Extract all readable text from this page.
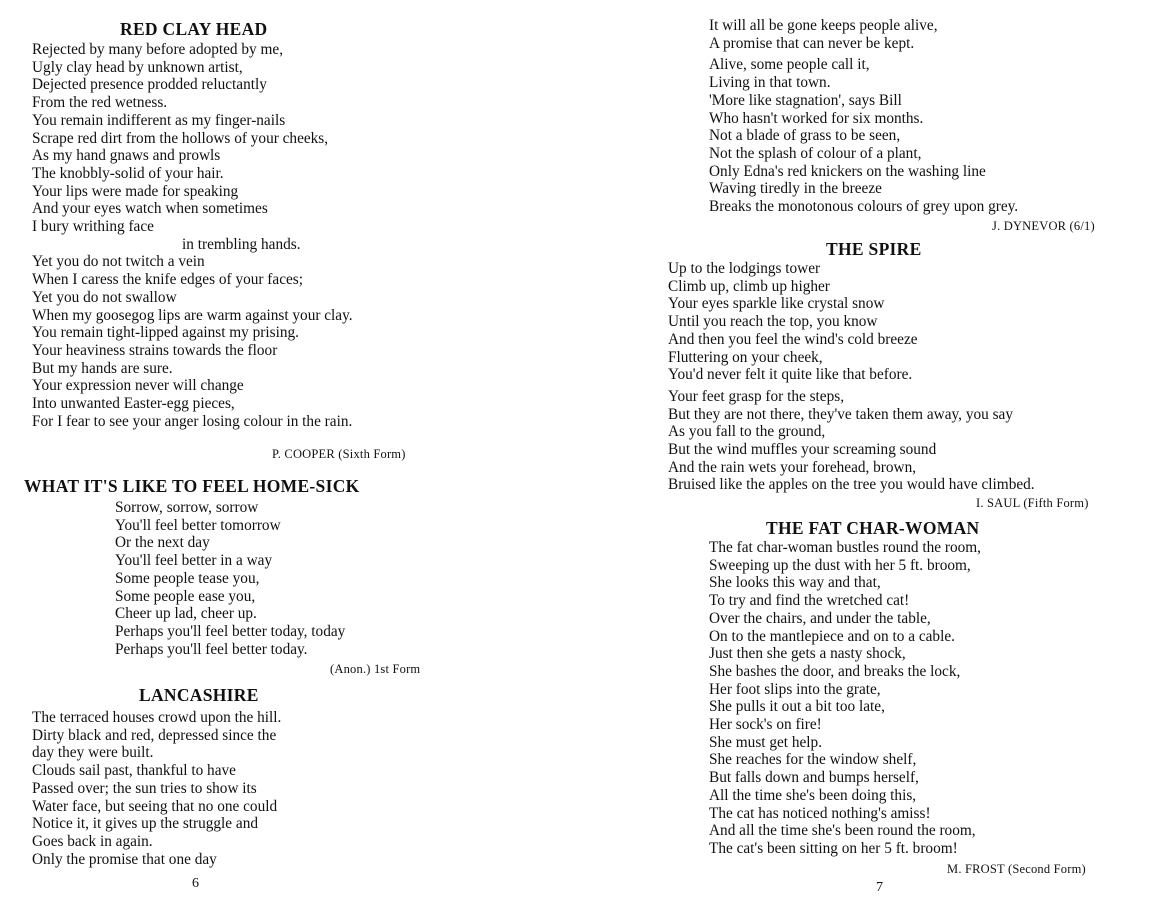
RED CLAY HEAD
Rejected by many before adopted by me,
Ugly clay head by unknown artist,
Dejected presence prodded reluctantly
From the red wetness.
You remain indifferent as my finger-nails
Scrape red dirt from the hollows of your cheeks,
As my hand gnaws and prowls
The knobbly-solid of your hair.
Your lips were made for speaking
And your eyes watch when sometimes
I bury writhing face
in trembling hands.
Yet you do not twitch a vein
When I caress the knife edges of your faces;
Yet you do not swallow
When my goosegog lips are warm against your clay.
You remain tight-lipped against my prising.
Your heaviness strains towards the floor
But my hands are sure.
Your expression never will change
Into unwanted Easter-egg pieces,
For I fear to see your anger losing colour in the rain.
P. COOPER (Sixth Form)
WHAT IT'S LIKE TO FEEL HOME-SICK
Sorrow, sorrow, sorrow
You'll feel better tomorrow
Or the next day
You'll feel better in a way
Some people tease you,
Some people ease you,
Cheer up lad, cheer up.
Perhaps you'll feel better today, today
Perhaps you'll feel better today.
(Anon.) 1st Form
LANCASHIRE
The terraced houses crowd upon the hill.
Dirty black and red, depressed since the
day they were built.
Clouds sail past, thankful to have
Passed over; the sun tries to show its
Water face, but seeing that no one could
Notice it, it gives up the struggle and
Goes back in again.
Only the promise that one day
6
It will all be gone keeps people alive,
A promise that can never be kept.
Alive, some people call it,
Living in that town.
'More like stagnation', says Bill
Who hasn't worked for six months.
Not a blade of grass to be seen,
Not the splash of colour of a plant,
Only Edna's red knickers on the washing line
Waving tiredly in the breeze
Breaks the monotonous colours of grey upon grey.
J. DYNEVOR (6/1)
THE SPIRE
Up to the lodgings tower
Climb up, climb up higher
Your eyes sparkle like crystal snow
Until you reach the top, you know
And then you feel the wind's cold breeze
Fluttering on your cheek,
You'd never felt it quite like that before.
Your feet grasp for the steps,
But they are not there, they've taken them away, you say
As you fall to the ground,
But the wind muffles your screaming sound
And the rain wets your forehead, brown,
Bruised like the apples on the tree you would have climbed.
I. SAUL (Fifth Form)
THE FAT CHAR-WOMAN
The fat char-woman bustles round the room,
Sweeping up the dust with her 5 ft. broom,
She looks this way and that,
To try and find the wretched cat!
Over the chairs, and under the table,
On to the mantlepiece and on to a cable.
Just then she gets a nasty shock,
She bashes the door, and breaks the lock,
Her foot slips into the grate,
She pulls it out a bit too late,
Her sock's on fire!
She must get help.
She reaches for the window shelf,
But falls down and bumps herself,
All the time she's been doing this,
The cat has noticed nothing's amiss!
And all the time she's been round the room,
The cat's been sitting on her 5 ft. broom!
M. FROST (Second Form)
7
